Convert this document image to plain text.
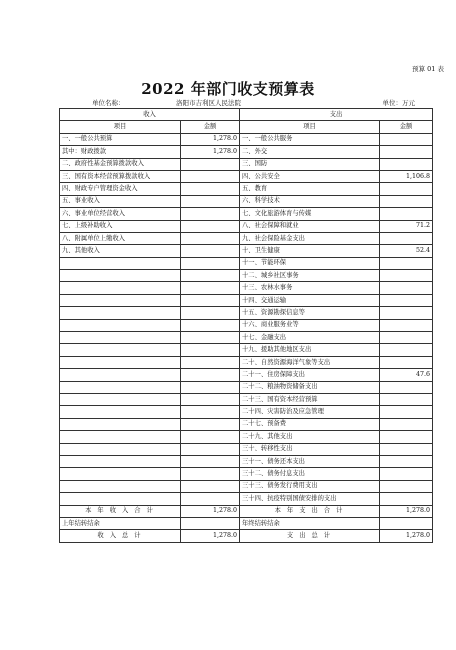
预算 01 表
2022 年部门收支预算表
单位名称：	洛阳市吉利区人民法院	单位：万元
收入		支出	
项目	金额	项目	金额
一、一般公共预算	1,278.0	一、一般公共服务	
其中：财政拨款	1,278.0	二、外交	
二、政府性基金预算拨款收入		三、国防	
三、国有资本经营预算拨款收入		四、公共安全	1,106.8
四、财政专户管理资金收入		五、教育	
五、事业收入		六、科学技术	
六、事业单位经营收入		七、文化旅游体育与传媒	
七、上级补助收入		八、社会保障和就业	71.2
八、附属单位上缴收入		九、社会保险基金支出	
九、其他收入		十、卫生健康	52.4
		十一、节能环保	
		十二、城乡社区事务	
		十三、农林水事务	
		十四、交通运输	
		十五、资源勘探信息等	
		十六、商业服务业等	
		十七、金融支出	
		十九、援助其他地区支出	
		二十、自然资源海洋气象等支出	
		二十一、住房保障支出	47.6
		二十二、粮油物资储备支出	
		二十三、国有资本经营预算	
		二十四、灾害防治及应急管理	
		二十七、预备费	
		二十九、其他支出	
		三十、转移性支出	
		三十一、债务还本支出	
		三十二、债务付息支出	
		三十三、债务发行费用支出	
		三十四、抗疫特别国债安排的支出	
本 年 收 入 合 计	1,278.0	本 年 支 出 合 计	1,278.0
上年结转结余		年终结转结余	
收 入 总 计	1,278.0	支 出 总 计	1,278.0
